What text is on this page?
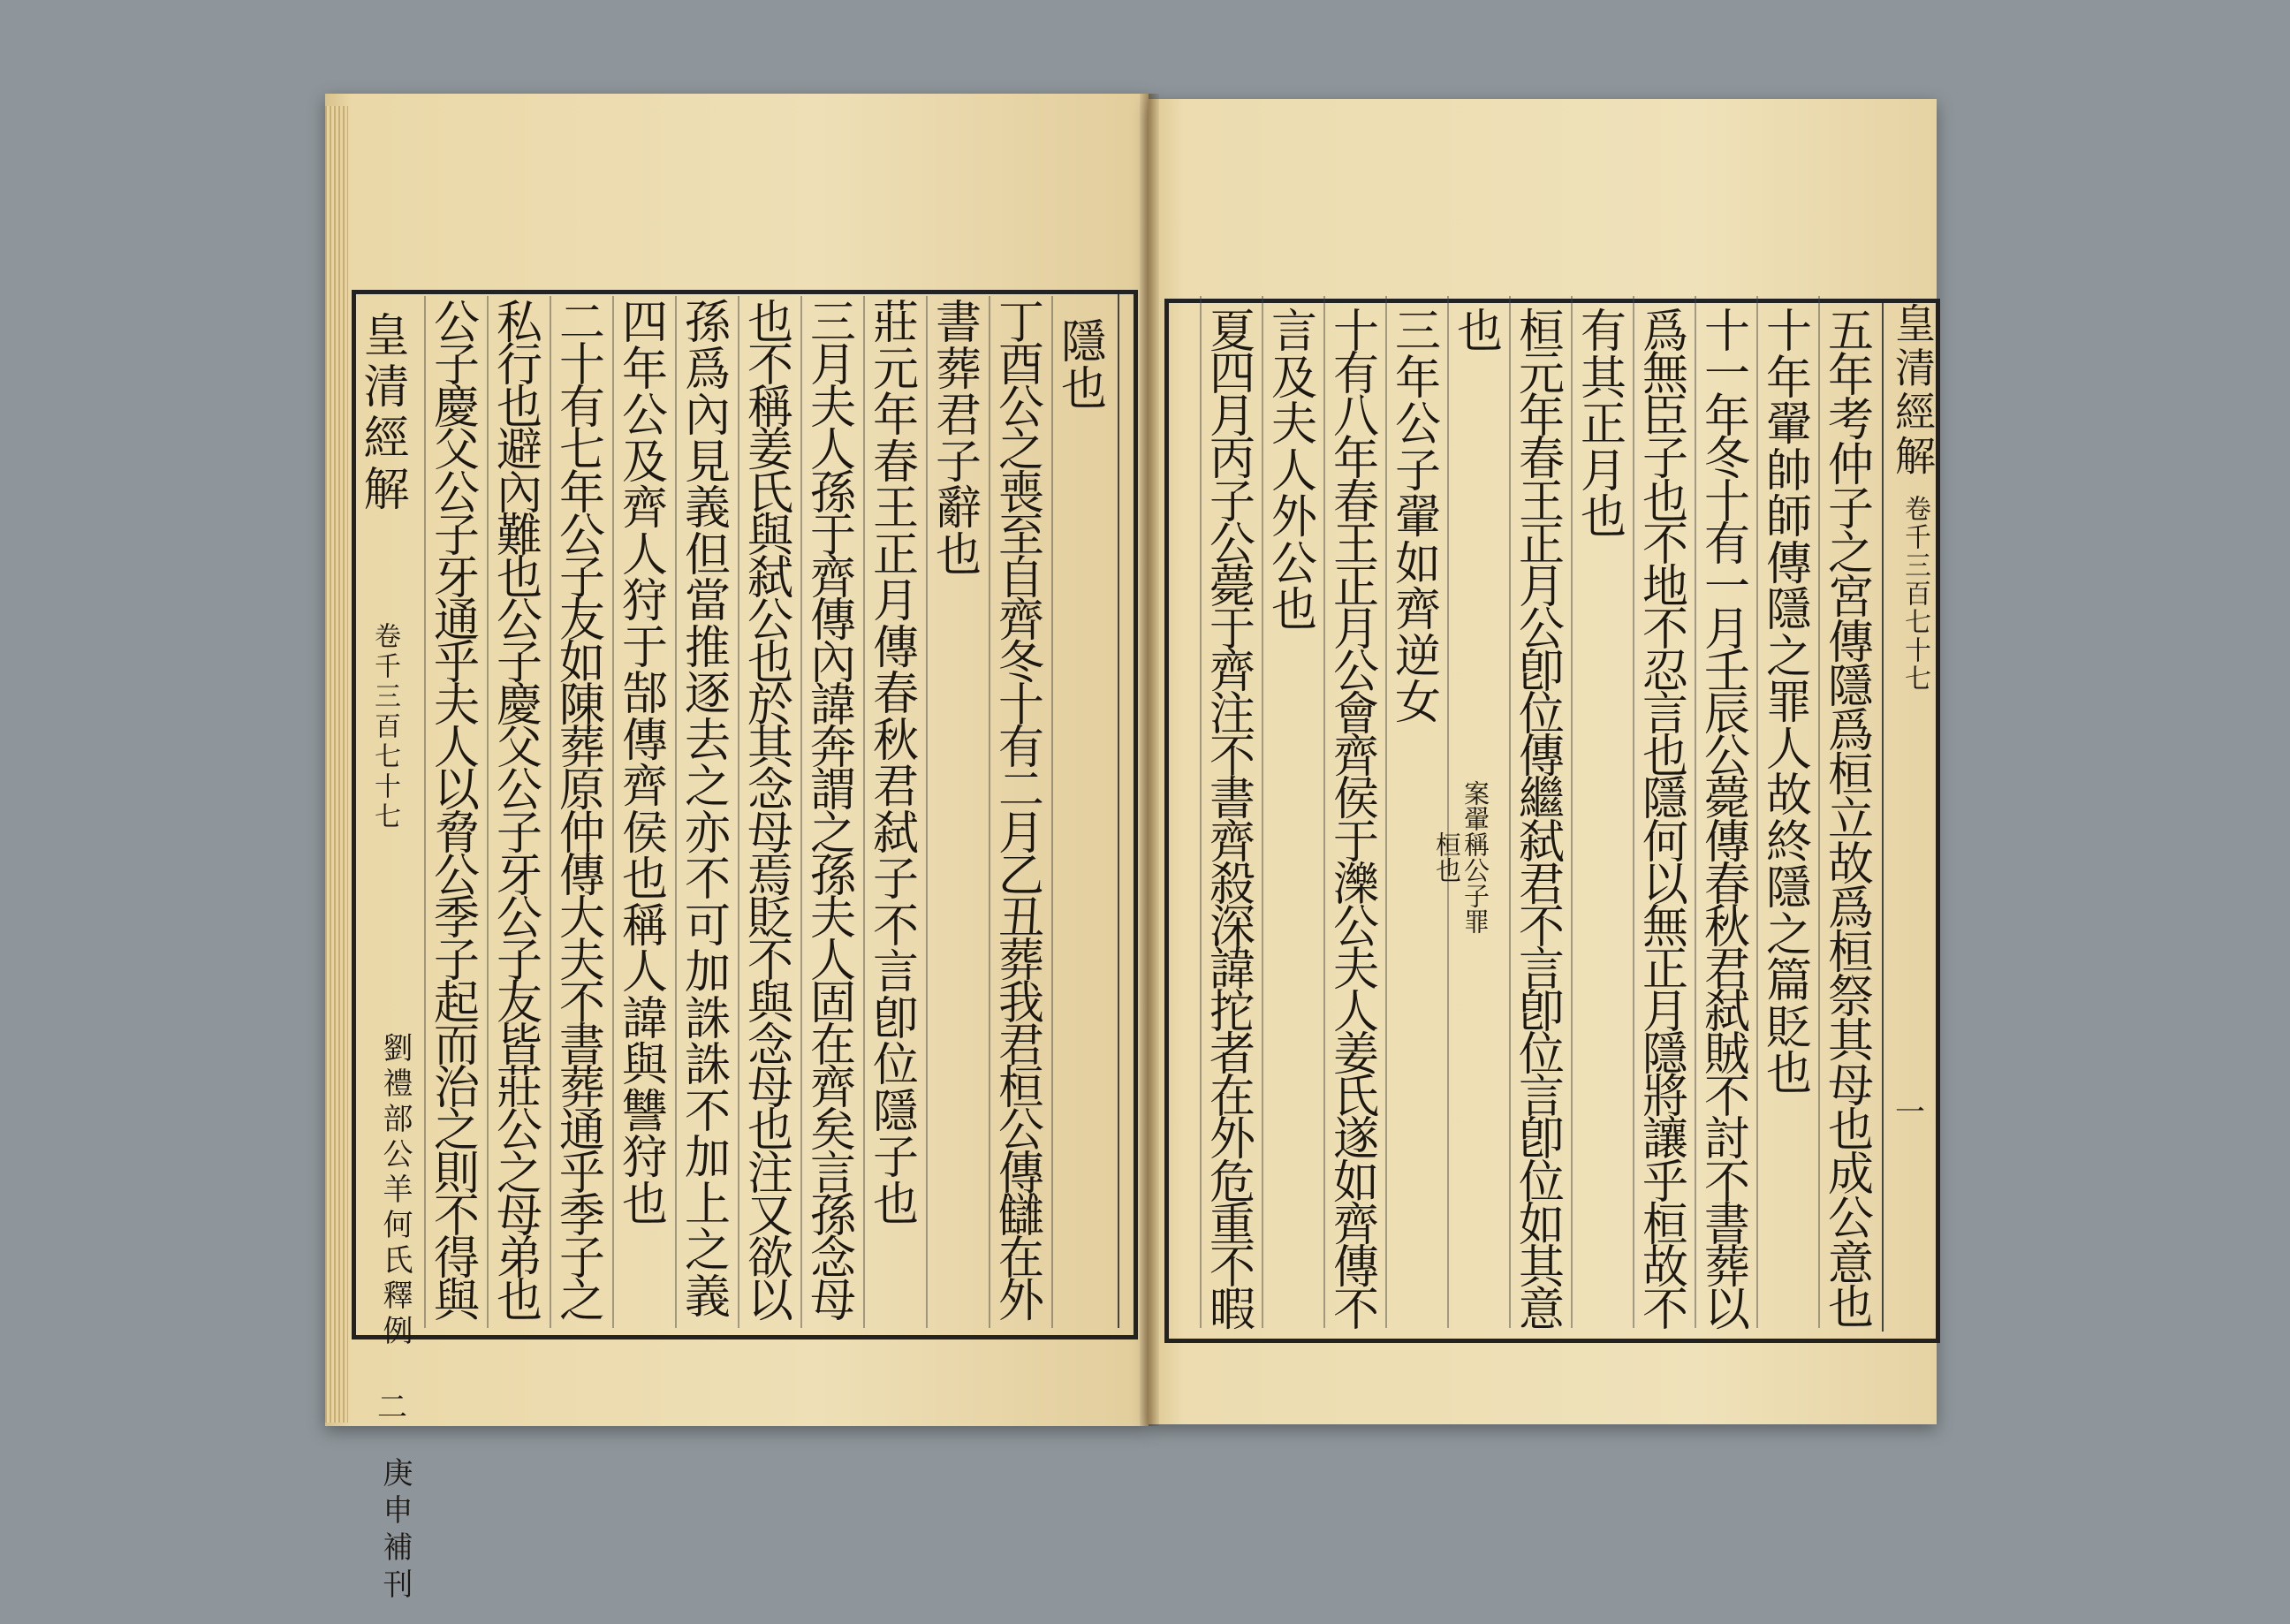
皇清經解
卷千三百七十七
劉禮部公羊何氏釋例
二
庚申補刊
隱
也
丁
酉
公
之
喪
至
自
齊
冬
十
有
二
月
乙
丑
葬
我
君
桓
公
傳
讎
在
外
書
葬
君
子
辭
也
莊
元
年
春
王
正
月
傳
春
秋
君
弑
子
不
言
卽
位
隱
子
也
三
月
夫
人
孫
于
齊
傳
內
諱
奔
謂
之
孫
夫
人
固
在
齊
矣
言
孫
念
母
也
不
稱
姜
氏
與
弑
公
也
於
其
念
母
焉
貶
不
與
念
母
也
注
又
欲
以
孫
爲
內
見
義
但
當
推
逐
去
之
亦
不
可
加
誅
誅
不
加
上
之
義
四
年
公
及
齊
人
狩
于
郜
傳
齊
侯
也
稱
人
諱
與
讐
狩
也
二
十
有
七
年
公
子
友
如
陳
葬
原
仲
傳
大
夫
不
書
葬
通
乎
季
子
之
私
行
也
避
內
難
也
公
子
慶
父
公
子
牙
公
子
友
皆
莊
公
之
母
弟
也
公
子
慶
父
公
子
牙
通
乎
夫
人
以
脅
公
季
子
起
而
治
之
則
不
得
與
皇清經解
卷千三百七十七
一
五
年
考
仲
子
之
宮
傳
隱
爲
桓
立
故
爲
桓
祭
其
母
也
成
公
意
也
十
年
翬
帥
師
傳
隱
之
罪
人
故
終
隱
之
篇
貶
也
十
一
年
冬
十
有
一
月
壬
辰
公
薨
傳
春
秋
君
弑
賊
不
討
不
書
葬
以
爲
無
臣
子
也
不
地
不
忍
言
也
隱
何
以
無
正
月
隱
將
讓
乎
桓
故
不
有
其
正
月
也
桓
元
年
春
王
正
月
公
卽
位
傳
繼
弑
君
不
言
卽
位
言
卽
位
如
其
意
也
三
年
公
子
翬
如
齊
逆
女
十
有
八
年
春
王
正
月
公
會
齊
侯
于
濼
公
夫
人
姜
氏
遂
如
齊
傳
不
言
及
夫
人
外
公
也
夏
四
月
丙
子
公
薨
于
齊
注
不
書
齊
殺
深
諱
拕
者
在
外
危
重
不
暇
案翬稱公子罪桓也
